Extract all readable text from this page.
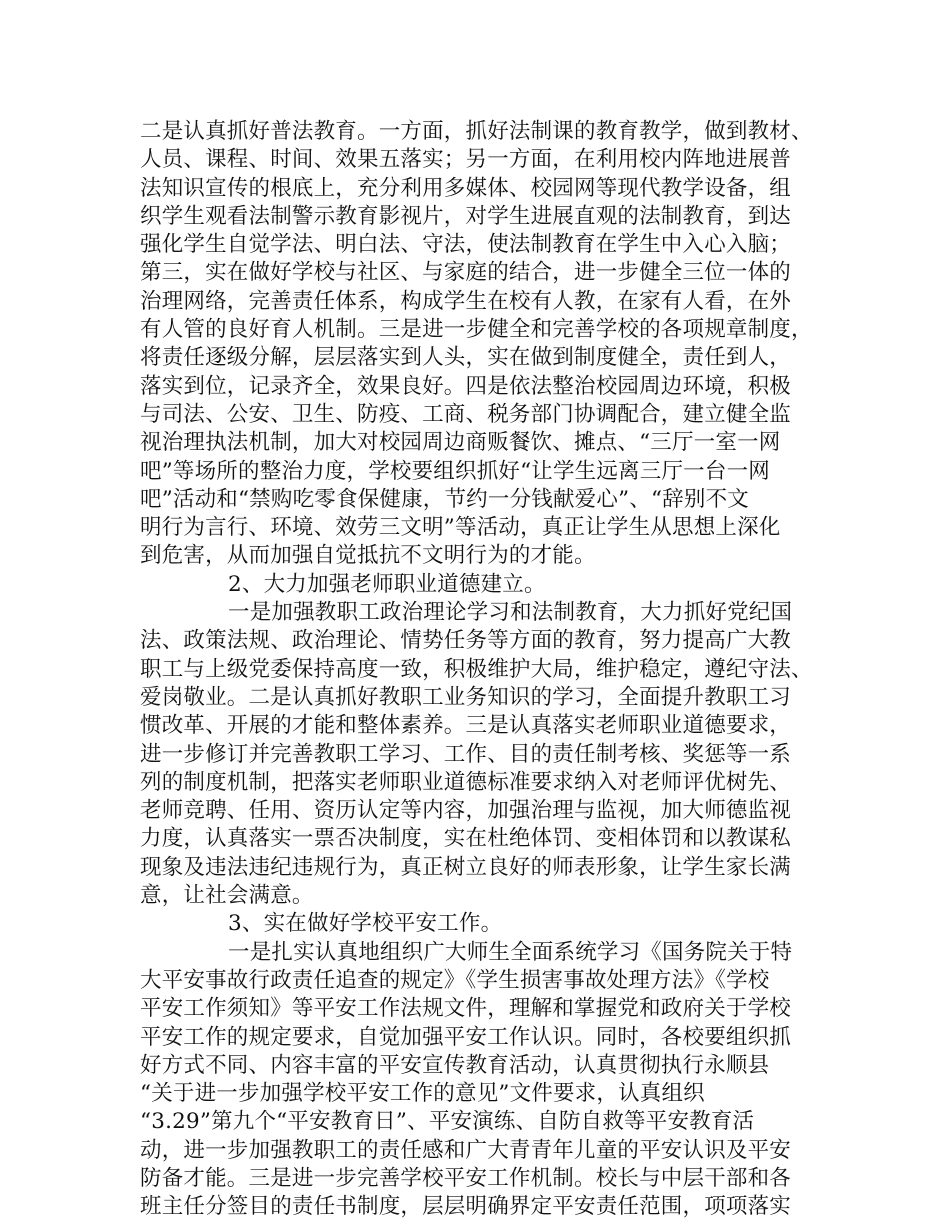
二是认真抓好普法教育。一方面，抓好法制课的教育教学，做到教材、
人员、课程、时间、效果五落实；另一方面，在利用校内阵地进展普
法知识宣传的根底上，充分利用多媒体、校园网等现代教学设备，组
织学生观看法制警示教育影视片，对学生进展直观的法制教育，到达
强化学生自觉学法、明白法、守法，使法制教育在学生中入心入脑；
第三，实在做好学校与社区、与家庭的结合，进一步健全三位一体的
治理网络，完善责任体系，构成学生在校有人教，在家有人看，在外
有人管的良好育人机制。三是进一步健全和完善学校的各项规章制度，
将责任逐级分解，层层落实到人头，实在做到制度健全，责任到人，
落实到位，记录齐全，效果良好。四是依法整治校园周边环境，积极
与司法、公安、卫生、防疫、工商、税务部门协调配合，建立健全监
视治理执法机制，加大对校园周边商贩餐饮、摊点、“三厅一室一网
吧”等场所的整治力度，学校要组织抓好“让学生远离三厅一台一网
吧”活动和“禁购吃零食保健康，节约一分钱献爱心”、“辞别不文
明行为言行、环境、效劳三文明”等活动，真正让学生从思想上深化
到危害，从而加强自觉抵抗不文明行为的才能。
2、大力加强老师职业道德建立。
一是加强教职工政治理论学习和法制教育，大力抓好党纪国
法、政策法规、政治理论、情势任务等方面的教育，努力提高广大教
职工与上级党委保持高度一致，积极维护大局，维护稳定，遵纪守法、
爱岗敬业。二是认真抓好教职工业务知识的学习，全面提升教职工习
惯改革、开展的才能和整体素养。三是认真落实老师职业道德要求，
进一步修订并完善教职工学习、工作、目的责任制考核、奖惩等一系
列的制度机制，把落实老师职业道德标准要求纳入对老师评优树先、
老师竞聘、任用、资历认定等内容，加强治理与监视，加大师德监视
力度，认真落实一票否决制度，实在杜绝体罚、变相体罚和以教谋私
现象及违法违纪违规行为，真正树立良好的师表形象，让学生家长满
意，让社会满意。
3、实在做好学校平安工作。
一是扎实认真地组织广大师生全面系统学习《国务院关于特
大平安事故行政责任追查的规定》《学生损害事故处理方法》《学校
平安工作须知》等平安工作法规文件，理解和掌握党和政府关于学校
平安工作的规定要求，自觉加强平安工作认识。同时，各校要组织抓
好方式不同、内容丰富的平安宣传教育活动，认真贯彻执行永顺县
“关于进一步加强学校平安工作的意见”文件要求，认真组织
“3.29”第九个“平安教育日”、平安演练、自防自救等平安教育活
动，进一步加强教职工的责任感和广大青青年儿童的平安认识及平安
防备才能。三是进一步完善学校平安工作机制。校长与中层干部和各
班主任分签目的责任书制度，层层明确界定平安责任范围，项项落实
